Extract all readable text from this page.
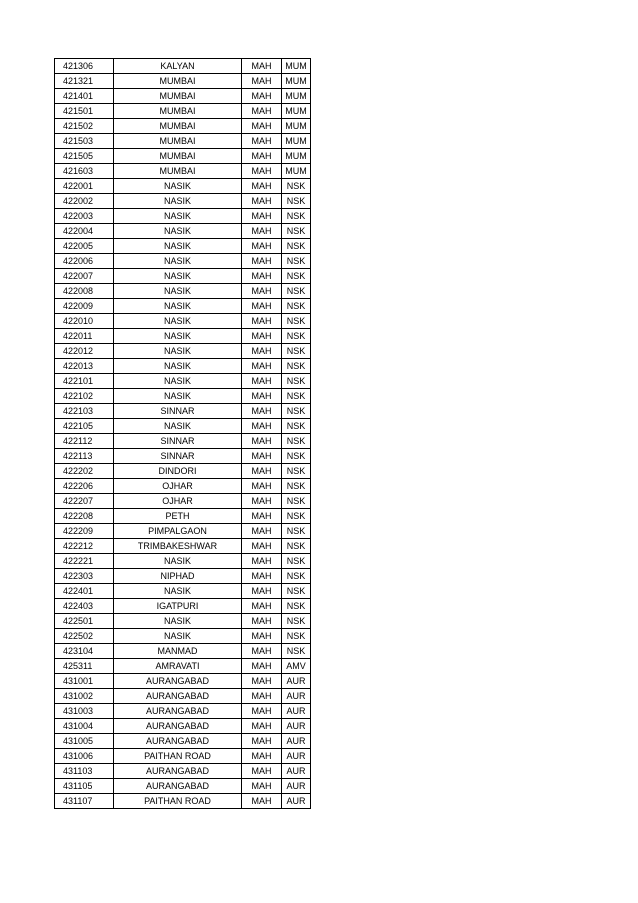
421306	KALYAN	MAH	MUM
421321	MUMBAI	MAH	MUM
421401	MUMBAI	MAH	MUM
421501	MUMBAI	MAH	MUM
421502	MUMBAI	MAH	MUM
421503	MUMBAI	MAH	MUM
421505	MUMBAI	MAH	MUM
421603	MUMBAI	MAH	MUM
422001	NASIK	MAH	NSK
422002	NASIK	MAH	NSK
422003	NASIK	MAH	NSK
422004	NASIK	MAH	NSK
422005	NASIK	MAH	NSK
422006	NASIK	MAH	NSK
422007	NASIK	MAH	NSK
422008	NASIK	MAH	NSK
422009	NASIK	MAH	NSK
422010	NASIK	MAH	NSK
422011	NASIK	MAH	NSK
422012	NASIK	MAH	NSK
422013	NASIK	MAH	NSK
422101	NASIK	MAH	NSK
422102	NASIK	MAH	NSK
422103	SINNAR	MAH	NSK
422105	NASIK	MAH	NSK
422112	SINNAR	MAH	NSK
422113	SINNAR	MAH	NSK
422202	DINDORI	MAH	NSK
422206	OJHAR	MAH	NSK
422207	OJHAR	MAH	NSK
422208	PETH	MAH	NSK
422209	PIMPALGAON	MAH	NSK
422212	TRIMBAKESHWAR	MAH	NSK
422221	NASIK	MAH	NSK
422303	NIPHAD	MAH	NSK
422401	NASIK	MAH	NSK
422403	IGATPURI	MAH	NSK
422501	NASIK	MAH	NSK
422502	NASIK	MAH	NSK
423104	MANMAD	MAH	NSK
425311	AMRAVATI	MAH	AMV
431001	AURANGABAD	MAH	AUR
431002	AURANGABAD	MAH	AUR
431003	AURANGABAD	MAH	AUR
431004	AURANGABAD	MAH	AUR
431005	AURANGABAD	MAH	AUR
431006	PAITHAN ROAD	MAH	AUR
431103	AURANGABAD	MAH	AUR
431105	AURANGABAD	MAH	AUR
431107	PAITHAN ROAD	MAH	AUR
